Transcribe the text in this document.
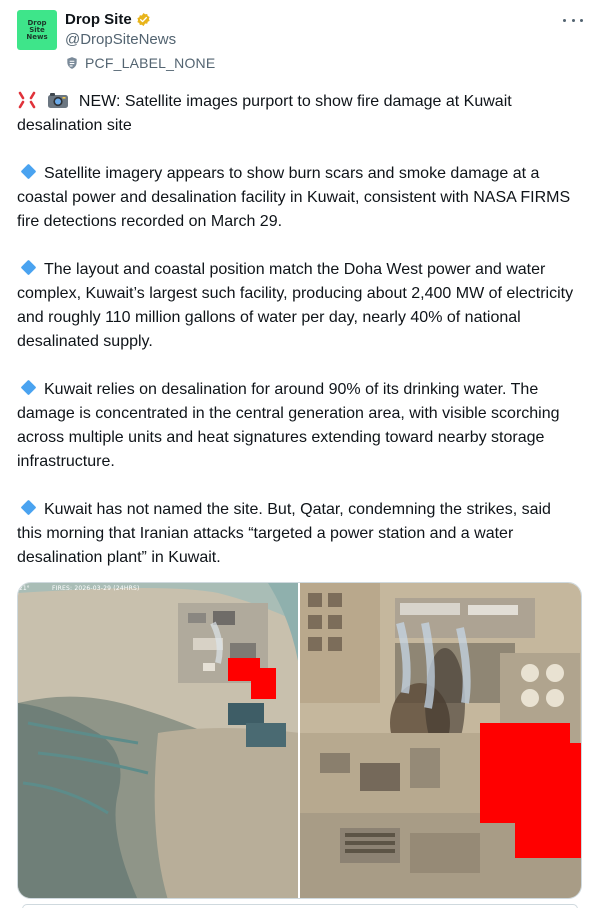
Drop Site News
Drop Site
@DropSiteNews
PCF_LABEL_NONE
NEW: Satellite images purport to show fire damage at Kuwait desalination site
Satellite imagery appears to show burn scars and smoke damage at a coastal power and desalination facility in Kuwait, consistent with NASA FIRMS fire detections recorded on March 29.
The layout and coastal position match the Doha West power and water complex, Kuwait’s largest such facility, producing about 2,400 MW of electricity and roughly 110 million gallons of water per day, nearly 40% of national desalinated supply.
Kuwait relies on desalination for around 90% of its drinking water. The damage is concentrated in the central generation area, with visible scorching across multiple units and heat signatures extending toward nearby storage infrastructure.
Kuwait has not named the site. But, Qatar, condemning the strikes, said this morning that Iranian attacks “targeted a power station and a water desalination plant” in Kuwait.
21°	FIRES: 2026-03-29 (24HRS)
